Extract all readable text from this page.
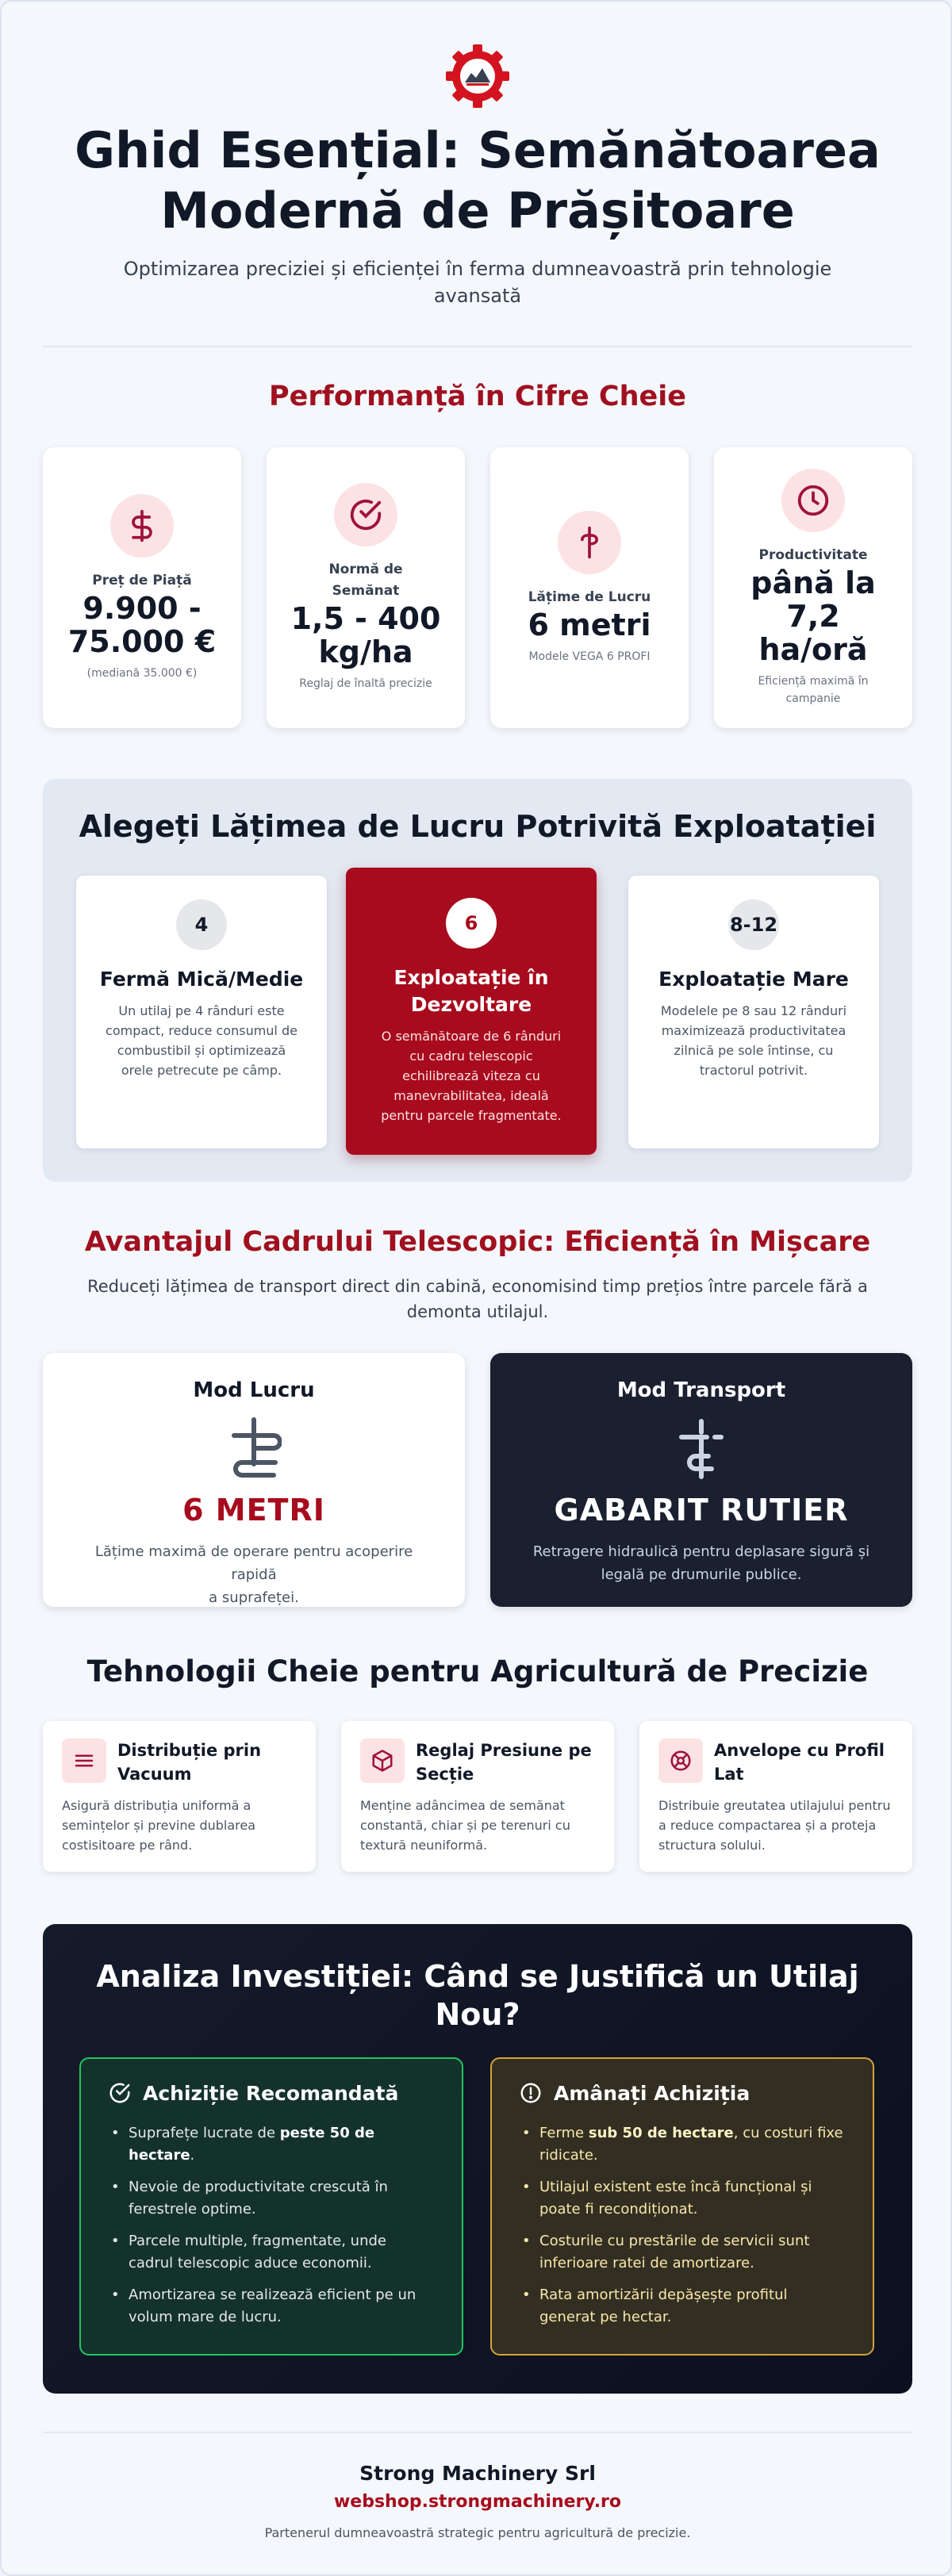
Ghid Esențial: Semănătoarea
Modernă de Prășitoare
Optimizarea preciziei și eficienței în ferma dumneavoastră prin tehnologie
avansată
Performanță în Cifre Cheie
Preț de Piață
9.900 -
75.000 €
(mediană 35.000 €)
Normă de
Semănat
1,5 - 400
kg/ha
Reglaj de înaltă precizie
Lățime de Lucru
6 metri
Modele VEGA 6 PROFI
Productivitate
până la
7,2
ha/oră
Eficiență maximă în
campanie
Alegeți Lățimea de Lucru Potrivită Exploatației
4
Fermă Mică/Medie
Un utilaj pe 4 rânduri este
compact, reduce consumul de
combustibil și optimizează
orele petrecute pe câmp.
6
Exploatație în
Dezvoltare
O semănătoare de 6 rânduri
cu cadru telescopic
echilibrează viteza cu
manevrabilitatea, ideală
pentru parcele fragmentate.
8-12
Exploatație Mare
Modelele pe 8 sau 12 rânduri
maximizează productivitatea
zilnică pe sole întinse, cu
tractorul potrivit.
Avantajul Cadrului Telescopic: Eficiență în Mișcare
Reduceți lățimea de transport direct din cabină, economisind timp prețios între parcele fără a
demonta utilajul.
Mod Lucru
6 METRI
Lățime maximă de operare pentru acoperire rapidă
a suprafeței.
Mod Transport
GABARIT RUTIER
Retragere hidraulică pentru deplasare sigură și
legală pe drumurile publice.
Tehnologii Cheie pentru Agricultură de Precizie
Distribuție prin
Vacuum
Asigură distribuția uniformă a
semințelor și previne dublarea
costisitoare pe rând.
Reglaj Presiune pe
Secție
Menține adâncimea de semănat
constantă, chiar și pe terenuri cu
textură neuniformă.
Anvelope cu Profil
Lat
Distribuie greutatea utilajului pentru
a reduce compactarea și a proteja
structura solului.
Analiza Investiției: Când se Justifică un Utilaj
Nou?
Achiziție Recomandată
• Suprafețe lucrate de peste 50 de hectare.
• Nevoie de productivitate crescută în ferestrele optime.
• Parcele multiple, fragmentate, unde cadrul telescopic aduce economii.
• Amortizarea se realizează eficient pe un volum mare de lucru.
Amânați Achiziția
• Ferme sub 50 de hectare, cu costuri fixe ridicate.
• Utilajul existent este încă funcțional și poate fi recondiționat.
• Costurile cu prestările de servicii sunt inferioare ratei de amortizare.
• Rata amortizării depășește profitul generat pe hectar.
Strong Machinery Srl
webshop.strongmachinery.ro
Partenerul dumneavoastră strategic pentru agricultură de precizie.
